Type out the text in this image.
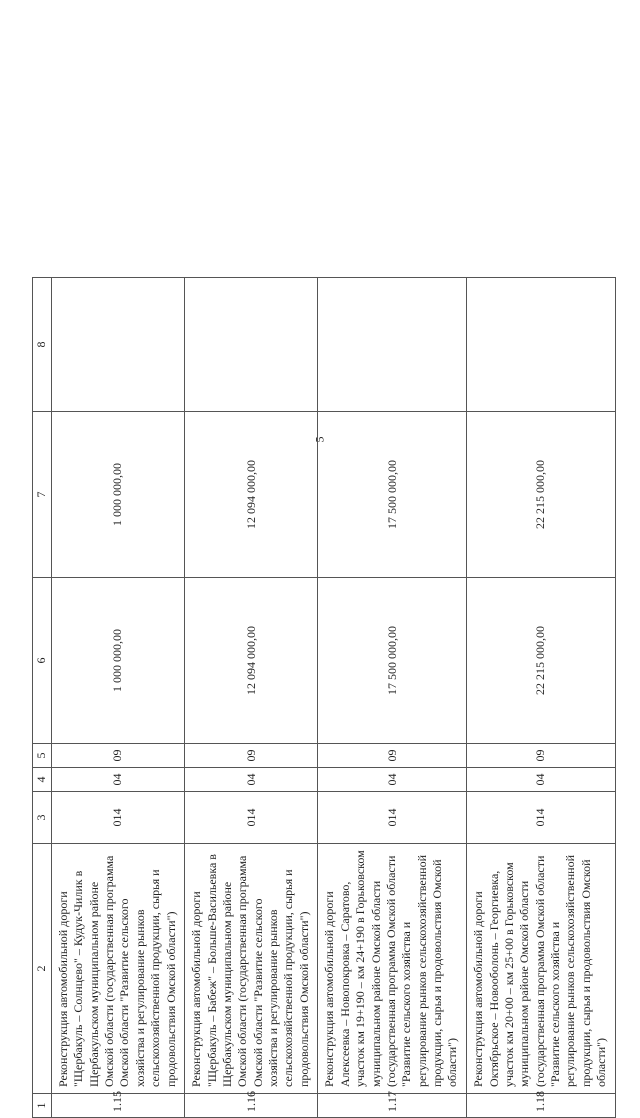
5
1	2	3	4	5	6	7	8
1.15	Реконструкция автомобильной дороги "Щербакуль – Солнцево" – Кудук-Чилик в Щербакульском муниципальном районе Омской области (государственная программа Омской области "Развитие сельского хозяйства и регулирование рынков сельскохозяйственной продукции, сырья и продовольствия Омской области")	014	04	09	1 000 000,00	1 000 000,00	
1.16	Реконструкция автомобильной дороги "Щербакуль – Бабеж" – Больше-Васильевка в Щербакульском муниципальном районе Омской области (государственная программа Омской области "Развитие сельского хозяйства и регулирование рынков сельскохозяйственной продукции, сырья и продовольствия Омской области")	014	04	09	12 094 000,00	12 094 000,00	
1.17	Реконструкция автомобильной дороги Алексеевка – Новопокровка – Саратово, участок км 19+190 – км 24+190 в Горьковском муниципальном районе Омской области (государственная программа Омской области "Развитие сельского хозяйства и регулирование рынков сельскохозяйственной продукции, сырья и продовольствия Омской области")	014	04	09	17 500 000,00	17 500 000,00	
1.18	Реконструкция автомобильной дороги Октябрьское – Новооболонь – Георгиевка, участок км 20+00 – км 25+00 в Горьковском муниципальном районе Омской области (государственная программа Омской области "Развитие сельского хозяйства и регулирование рынков сельскохозяйственной продукции, сырья и продовольствия Омской области")	014	04	09	22 215 000,00	22 215 000,00	
